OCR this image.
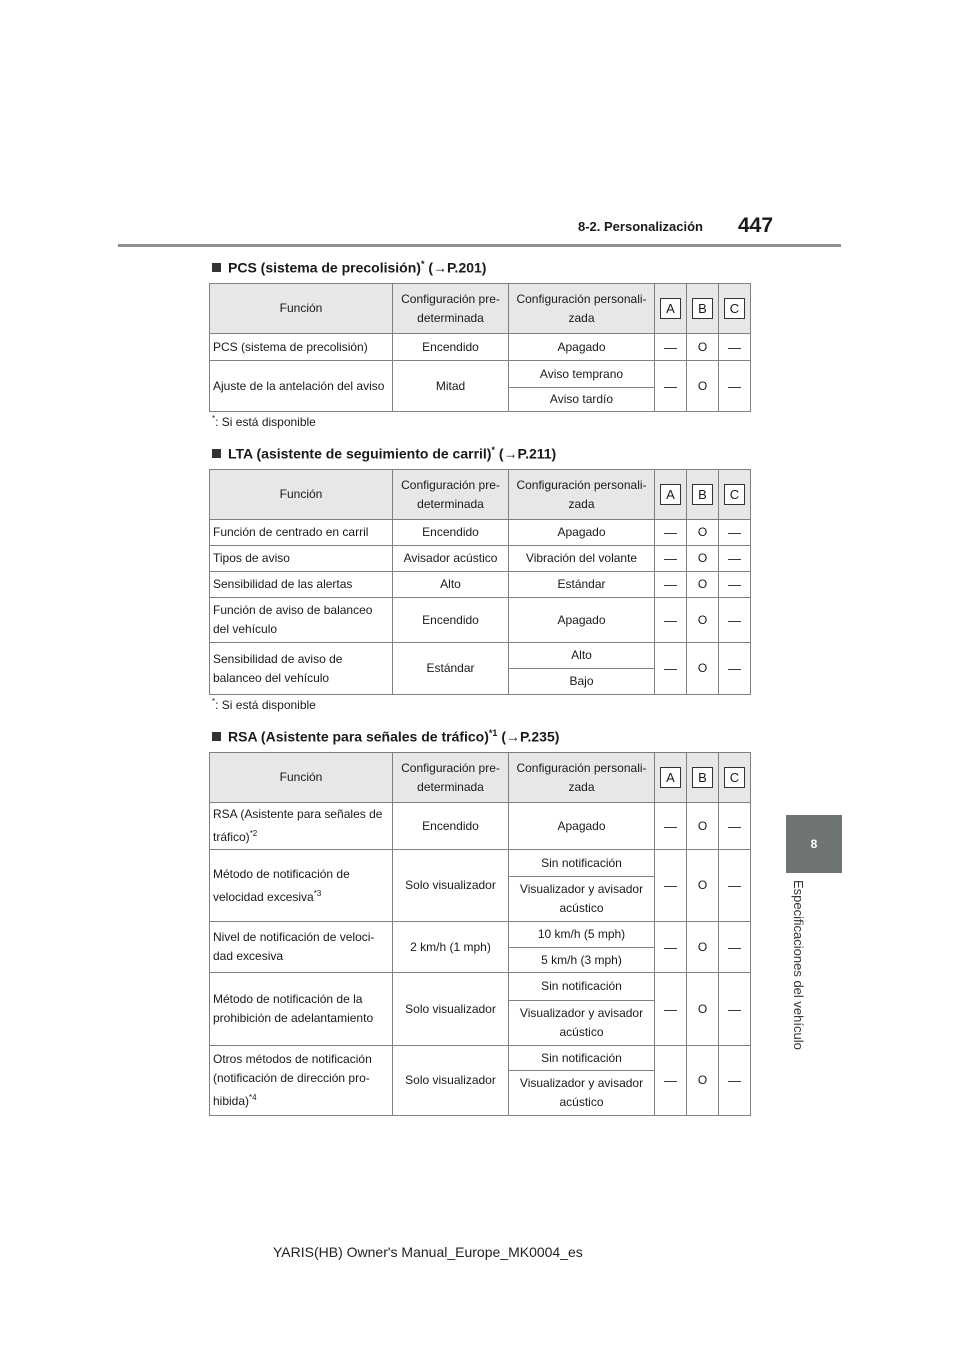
8-2. Personalización 447
8
Especificaciones del vehículo
PCS (sistema de precolisión)* (→P.201)
Función	Configuración pre-determinada	Configuración personali-zada	A	B	C
PCS (sistema de precolisión)	Encendido	Apagado	—	O	—
Ajuste de la antelación del aviso	Mitad	Aviso temprano	—	O	—
		Aviso tardío			
*: Si está disponible
LTA (asistente de seguimiento de carril)* (→P.211)
Función	Configuración pre-determinada	Configuración personali-zada	A	B	C
Función de centrado en carril	Encendido	Apagado	—	O	—
Tipos de aviso	Avisador acústico	Vibración del volante	—	O	—
Sensibilidad de las alertas	Alto	Estándar	—	O	—
Función de aviso de balanceo del vehículo	Encendido	Apagado	—	O	—
Sensibilidad de aviso de balanceo del vehículo	Estándar	Alto	—	O	—
		Bajo			
*: Si está disponible
RSA (Asistente para señales de tráfico)$^{*1}$ (→P.235)
Función	Configuración pre-determinada	Configuración personali-zada	A	B	C
RSA (Asistente para señales de tráfico)$^{*2}$	Encendido	Apagado	—	O	—
Método de notificación de velocidad excesiva$^{*3}$	Solo visualizador	Sin notificación	—	O	—
		Visualizador y avisador acústico			
Nivel de notificación de veloci-dad excesiva	2 km/h (1 mph)	10 km/h (5 mph)	—	O	—
		5 km/h (3 mph)			
Método de notificación de la prohibición de adelantamiento	Solo visualizador	Sin notificación	—	O	—
		Visualizador y avisador acústico			
Otros métodos de notificación (notificación de dirección pro-hibida)$^{*4}$	Solo visualizador	Sin notificación	—	O	—
		Visualizador y avisador acústico			
YARIS(HB) Owner's Manual_Europe_MK0004_es
